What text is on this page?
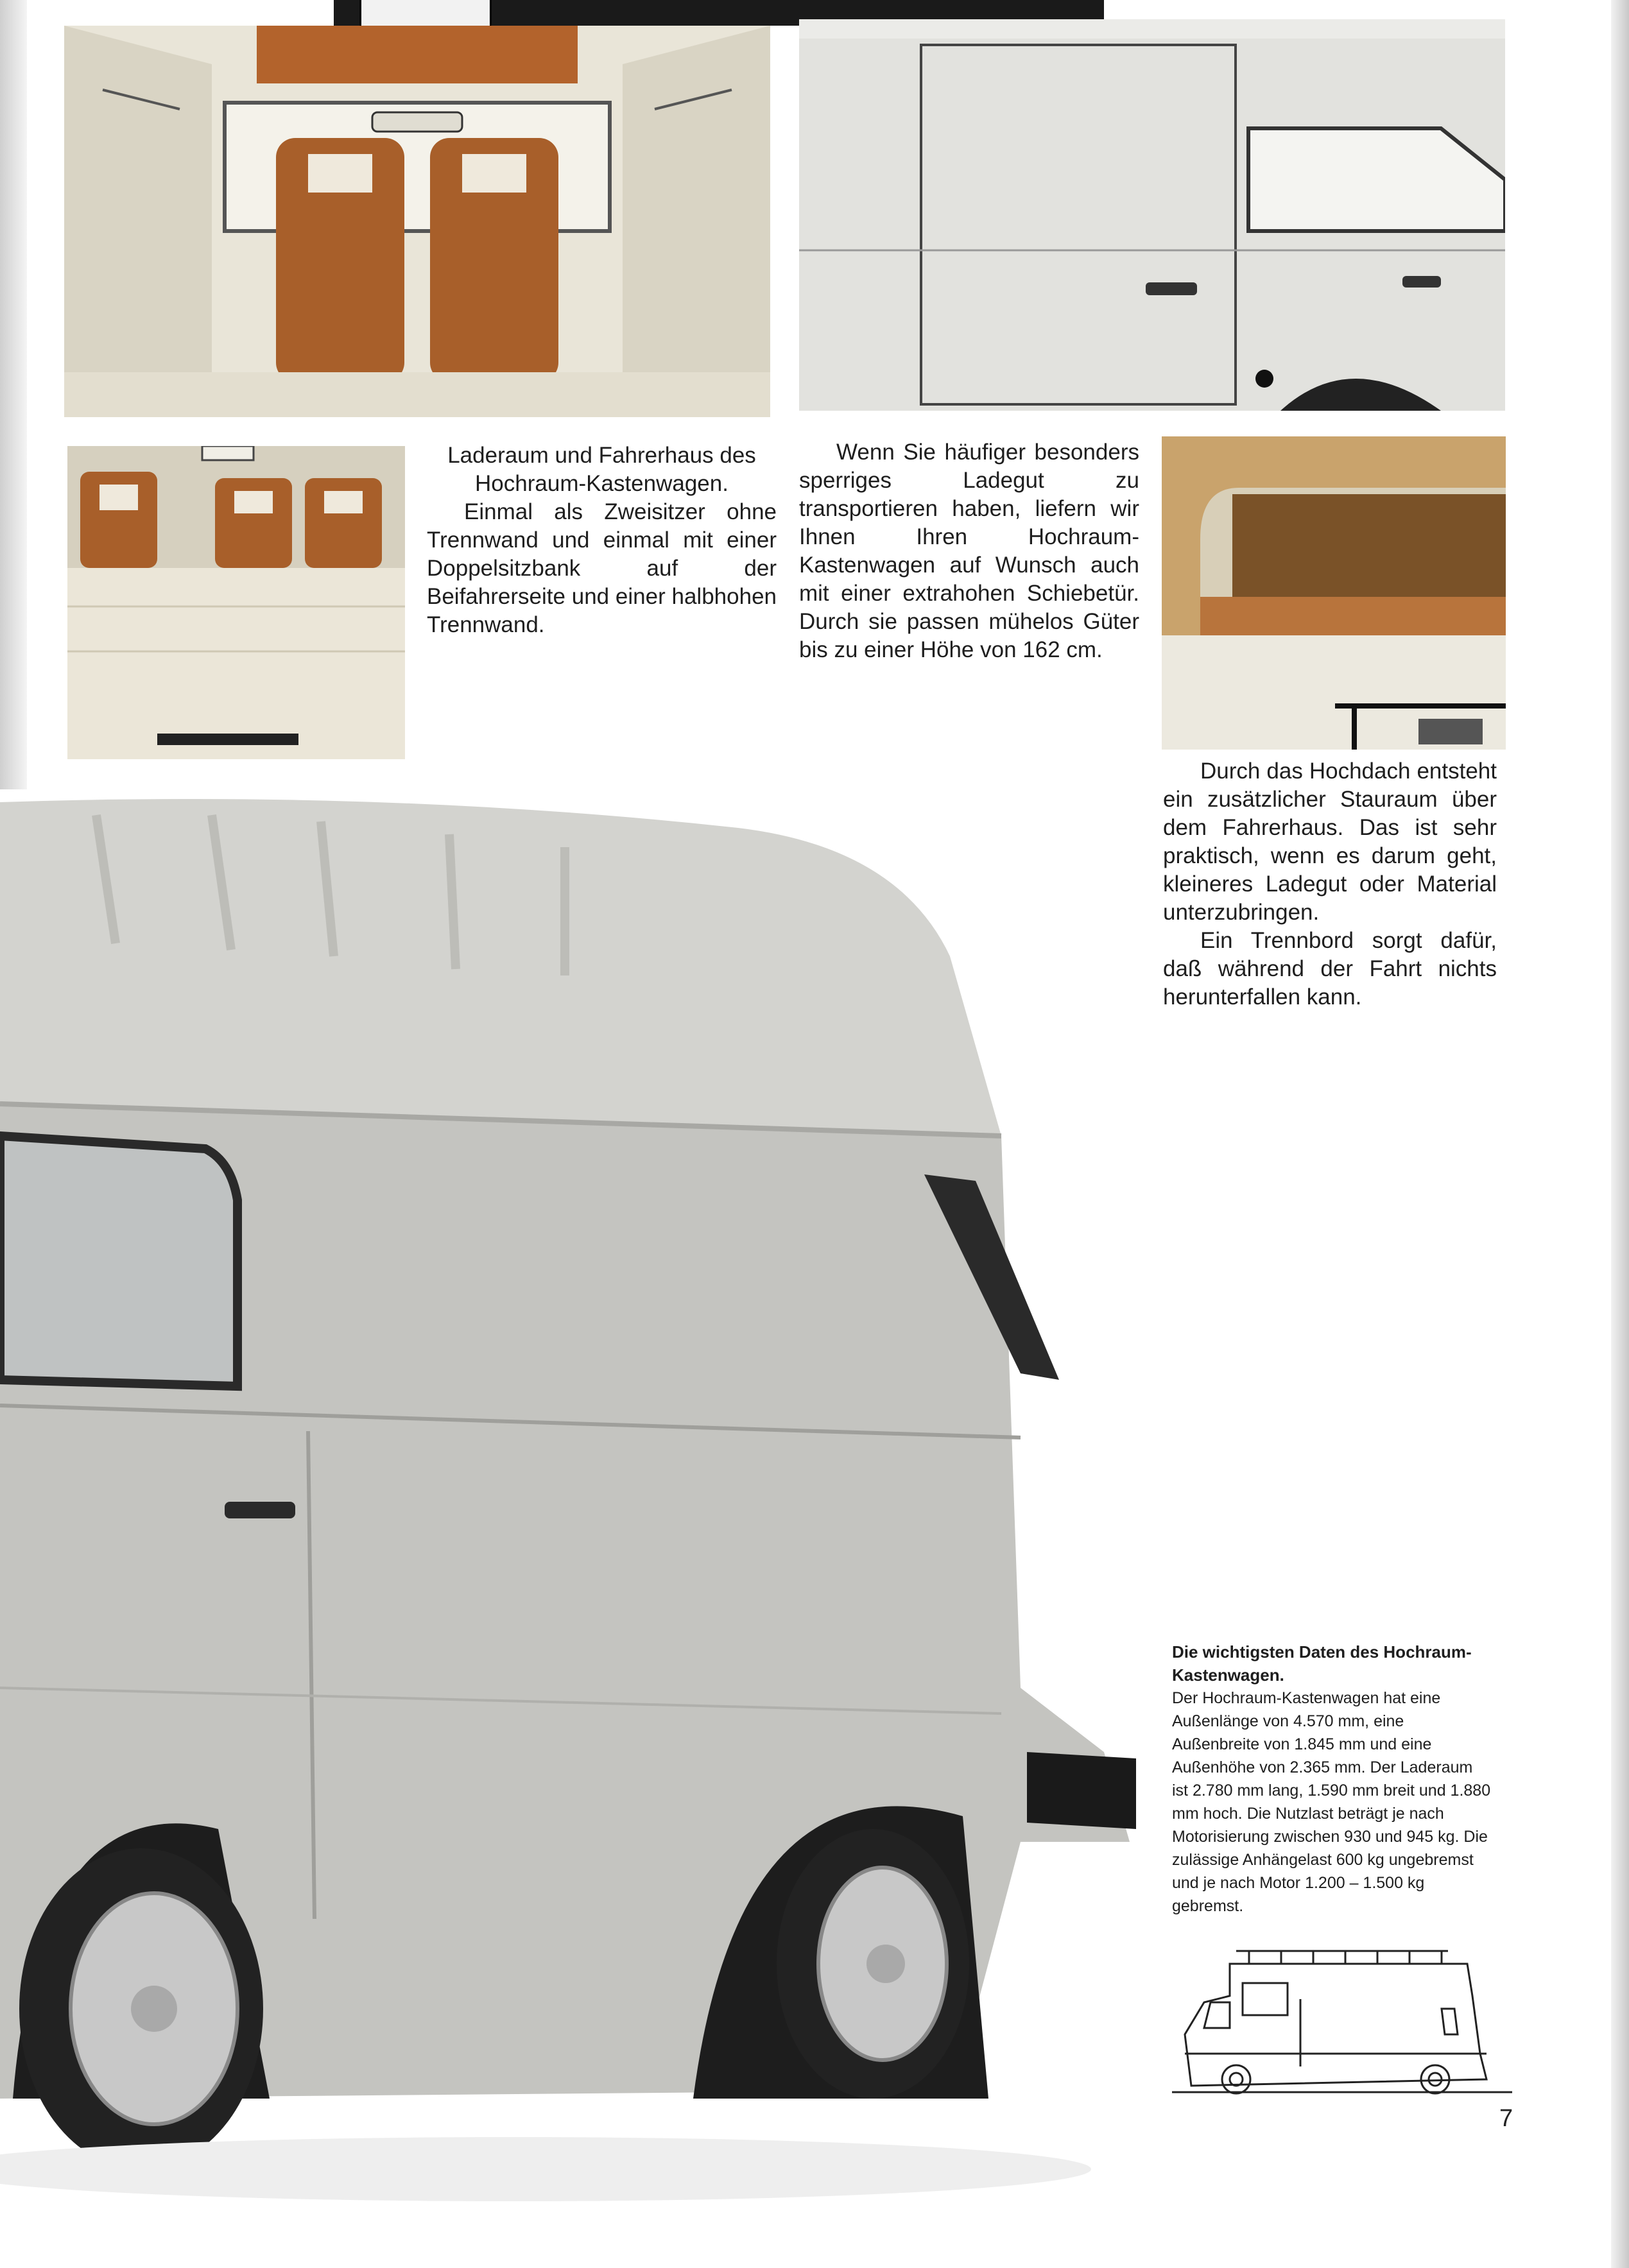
Laderaum und Fahrerhaus des Hochraum-Kastenwagen.

Einmal als Zweisitzer ohne Trennwand und einmal mit einer Doppelsitzbank auf der Beifahrerseite und einer halbhohen Trennwand.

Wenn Sie häufiger besonders sperriges Ladegut zu transportieren haben, liefern wir Ihnen Ihren Hochraum-Kastenwagen auf Wunsch auch mit einer extrahohen Schiebetür. Durch sie passen mühelos Güter bis zu einer Höhe von 162 cm.

Durch das Hochdach entsteht ein zusätzlicher Stauraum über dem Fahrerhaus. Das ist sehr praktisch, wenn es darum geht, kleineres Ladegut oder Material unterzubringen.

Ein Trennbord sorgt dafür, daß während der Fahrt nichts herunterfallen kann.

Die wichtigsten Daten des Hochraum-Kastenwagen.
Der Hochraum-Kastenwagen hat eine Außenlänge von 4.570 mm, eine Außenbreite von 1.845 mm und eine Außenhöhe von 2.365 mm. Der Laderaum ist 2.780 mm lang, 1.590 mm breit und 1.880 mm hoch. Die Nutzlast beträgt je nach Motorisierung zwischen 930 und 945 kg. Die zulässige Anhängelast 600 kg ungebremst und je nach Motor 1.200 – 1.500 kg gebremst.
7
